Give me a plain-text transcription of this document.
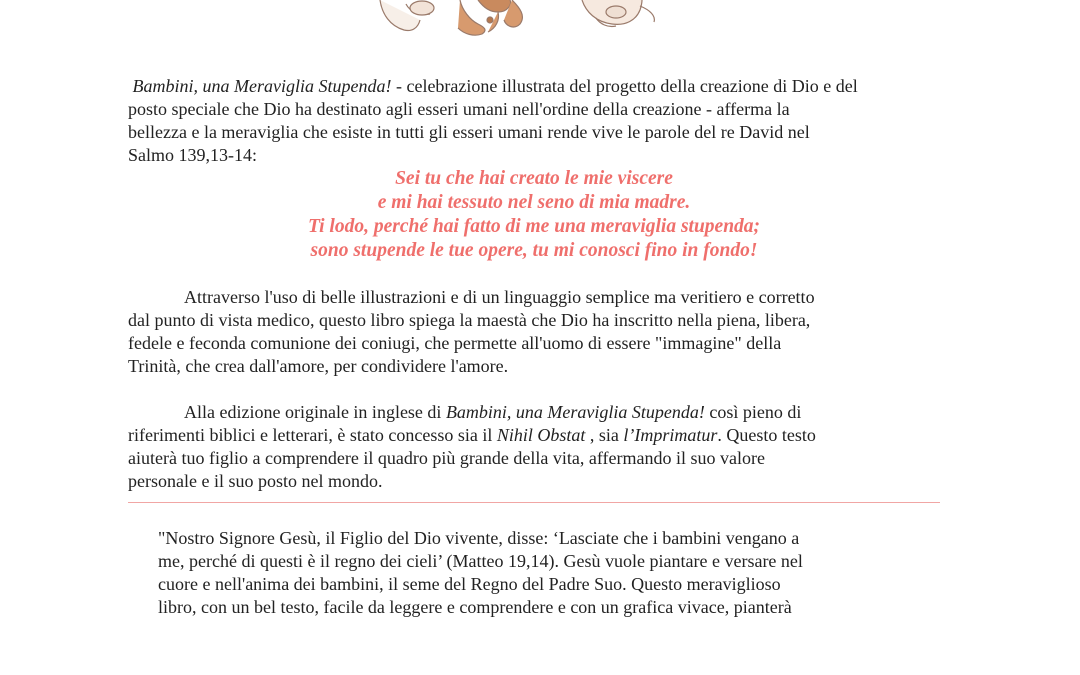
Bambini, una Meraviglia Stupenda! - celebrazione illustrata del progetto della creazione di Dio e del
posto speciale che Dio ha destinato agli esseri umani nell'ordine della creazione - afferma la
bellezza e la meraviglia che esiste in tutti gli esseri umani rende vive le parole del re David nel
Salmo 139,13-14:

Sei tu che hai creato le mie viscere
e mi hai tessuto nel seno di mia madre.
Ti lodo, perché hai fatto di me una meraviglia stupenda;
sono stupende le tue opere, tu mi conosci fino in fondo!

Attraverso l'uso di belle illustrazioni e di un linguaggio semplice ma veritiero e corretto
dal punto di vista medico, questo libro spiega la maestà che Dio ha inscritto nella piena, libera,
fedele e feconda comunione dei coniugi, che permette all'uomo di essere "immagine" della
Trinità, che crea dall'amore, per condividere l'amore.

Alla edizione originale in inglese di Bambini, una Meraviglia Stupenda! così pieno di
riferimenti biblici e letterari, è stato concesso sia il Nihil Obstat , sia l’Imprimatur. Questo testo
aiuterà tuo figlio a comprendere il quadro più grande della vita, affermando il suo valore
personale e il suo posto nel mondo.

"Nostro Signore Gesù, il Figlio del Dio vivente, disse: ‘Lasciate che i bambini vengano a
me, perché di questi è il regno dei cieli’ (Matteo 19,14). Gesù vuole piantare e versare nel
cuore e nell'anima dei bambini, il seme del Regno del Padre Suo. Questo meraviglioso
libro, con un bel testo, facile da leggere e comprendere e con un grafica vivace, pianterà
